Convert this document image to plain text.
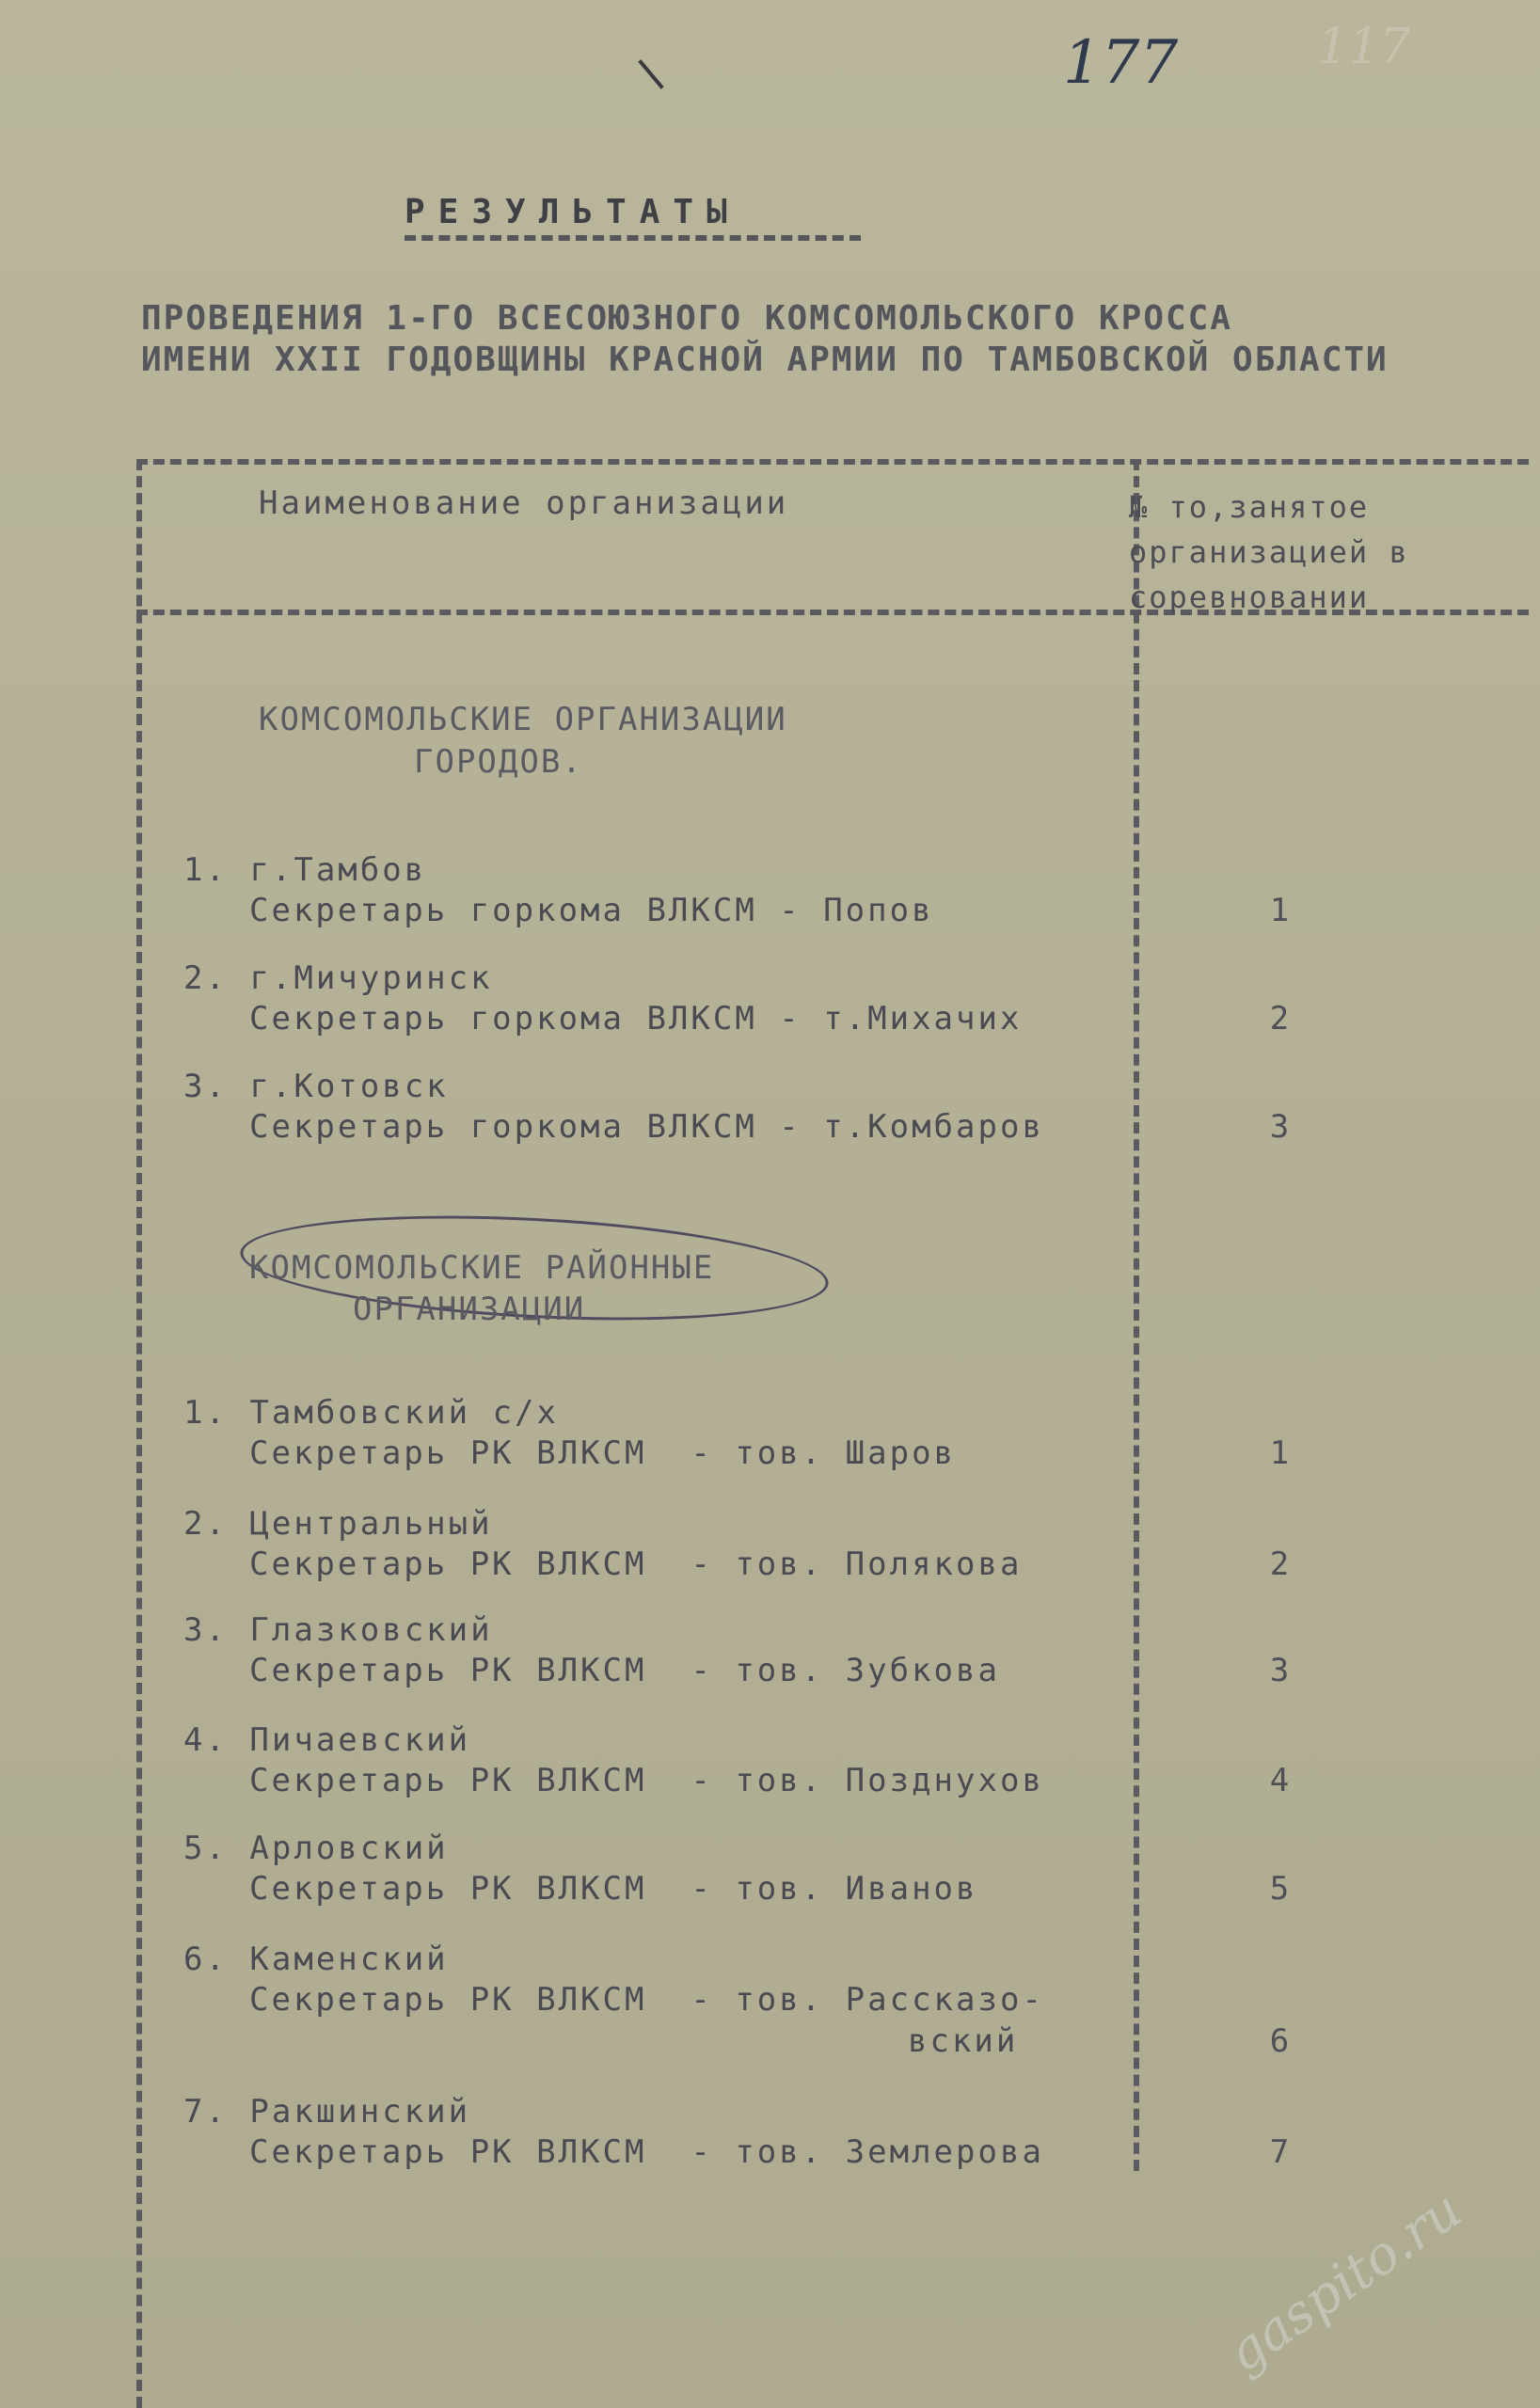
177	117
РЕЗУЛЬТАТЫ
ПРОВЕДЕНИЯ 1-ГО ВСЕСОЮЗНОГО КОМСОМОЛЬСКОГО КРОССА
ИМЕНИ XXII ГОДОВЩИНЫ КРАСНОЙ АРМИИ ПО ТАМБОВСКОЙ ОБЛАСТИ
Наименование организации	№ то,занятое
организацией в
соревновании
КОМСОМОЛЬСКИЕ ОРГАНИЗАЦИИ
ГОРОДОВ.
1. г.Тамбов
Секретарь горкома ВЛКСМ - Попов	1
2. г.Мичуринск
Секретарь горкома ВЛКСМ - т.Михачих	2
3. г.Котовск
Секретарь горкома ВЛКСМ - т.Комбаров	3
КОМСОМОЛЬСКИЕ РАЙОННЫЕ
ОРГАНИЗАЦИИ
1. Тамбовский с/х
Секретарь РК ВЛКСМ  - тов. Шаров	1
2. Центральный
Секретарь РК ВЛКСМ  - тов. Полякова	2
3. Глазковский
Секретарь РК ВЛКСМ  - тов. Зубкова	3
4. Пичаевский
Секретарь РК ВЛКСМ  - тов. Позднухов	4
5. Арловский
Секретарь РК ВЛКСМ  - тов. Иванов	5
6. Каменский
Секретарь РК ВЛКСМ  - тов. Рассказо-
вский	6
7. Ракшинский
Секретарь РК ВЛКСМ  - тов. Землерова	7
gaspito.ru
